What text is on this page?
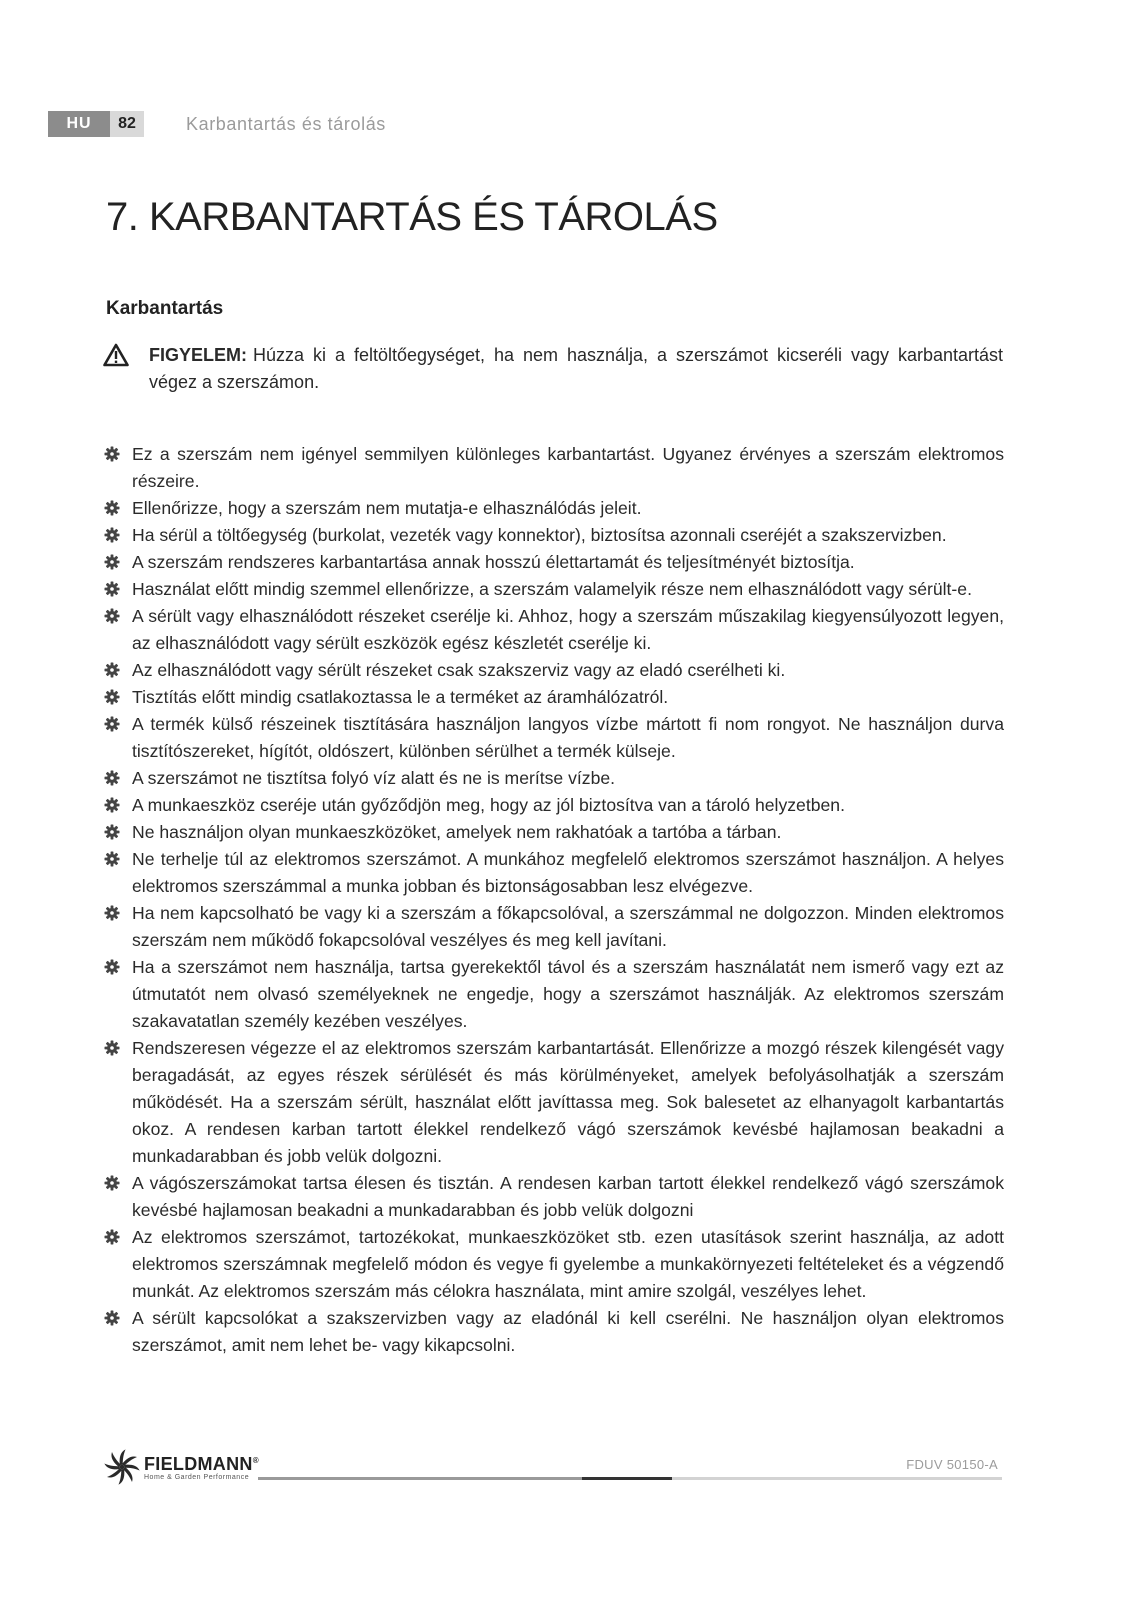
HU	82	Karbantartás és tárolás
7. KARBANTARTÁS ÉS TÁROLÁS
Karbantartás
FIGYELEM: Húzza ki a feltöltőegységet, ha nem használja, a szerszámot kicseréli vagy karbantartást végez a szerszámon.
Ez a szerszám nem igényel semmilyen különleges karbantartást. Ugyanez érvényes a szerszám elektromos részeire.
Ellenőrizze, hogy a szerszám nem mutatja-e elhasználódás jeleit.
Ha sérül a töltőegység (burkolat, vezeték vagy konnektor), biztosítsa azonnali cseréjét a szakszervizben.
A szerszám rendszeres karbantartása annak hosszú élettartamát és teljesítményét biztosítja.
Használat előtt mindig szemmel ellenőrizze, a szerszám valamelyik része nem elhasználódott vagy sérült-e.
A sérült vagy elhasználódott részeket cserélje ki. Ahhoz, hogy a szerszám műszakilag kiegyensúlyozott legyen, az elhasználódott vagy sérült eszközök egész készletét cserélje ki.
Az elhasználódott vagy sérült részeket csak szakszerviz vagy az eladó cserélheti ki.
Tisztítás előtt mindig csatlakoztassa le a terméket az áramhálózatról.
A termék külső részeinek tisztítására használjon langyos vízbe mártott fi nom rongyot. Ne használjon durva tisztítószereket, hígítót, oldószert, különben sérülhet a termék külseje.
A szerszámot ne tisztítsa folyó víz alatt és ne is merítse vízbe.
A munkaeszköz cseréje után győződjön meg, hogy az jól biztosítva van a tároló helyzetben.
Ne használjon olyan munkaeszközöket, amelyek nem rakhatóak a tartóba a tárban.
Ne terhelje túl az elektromos szerszámot. A munkához megfelelő elektromos szerszámot használjon. A helyes elektromos szerszámmal a munka jobban és biztonságosabban lesz elvégezve.
Ha nem kapcsolható be vagy ki a szerszám a főkapcsolóval, a szerszámmal ne dolgozzon. Minden elektromos szerszám nem működő fokapcsolóval veszélyes és meg kell javítani.
Ha a szerszámot nem használja, tartsa gyerekektől távol és a szerszám használatát nem ismerő vagy ezt az útmutatót nem olvasó személyeknek ne engedje, hogy a szerszámot használják. Az elektromos szerszám szakavatatlan személy kezében veszélyes.
Rendszeresen végezze el az elektromos szerszám karbantartását. Ellenőrizze a mozgó részek kilengését vagy beragadását, az egyes részek sérülését és más körülményeket, amelyek befolyásolhatják a szerszám működését. Ha a szerszám sérült, használat előtt javíttassa meg. Sok balesetet az elhanyagolt karbantartás okoz. A rendesen karban tartott élekkel rendelkező vágó szerszámok kevésbé hajlamosan beakadni a munkadarabban és jobb velük dolgozni.
A vágószerszámokat tartsa élesen és tisztán. A rendesen karban tartott élekkel rendelkező vágó szerszámok kevésbé hajlamosan beakadni a munkadarabban és jobb velük dolgozni
Az elektromos szerszámot, tartozékokat, munkaeszközöket stb. ezen utasítások szerint használja, az adott elektromos szerszámnak megfelelő módon és vegye fi gyelembe a munkakörnyezeti feltételeket és a végzendő munkát. Az elektromos szerszám más célokra használata, mint amire szolgál, veszélyes lehet.
A sérült kapcsolókat a szakszervizben vagy az eladónál ki kell cserélni. Ne használjon olyan elektromos szerszámot, amit nem lehet be- vagy kikapcsolni.
FIELDMANN®
Home & Garden Performance
FDUV 50150-A
